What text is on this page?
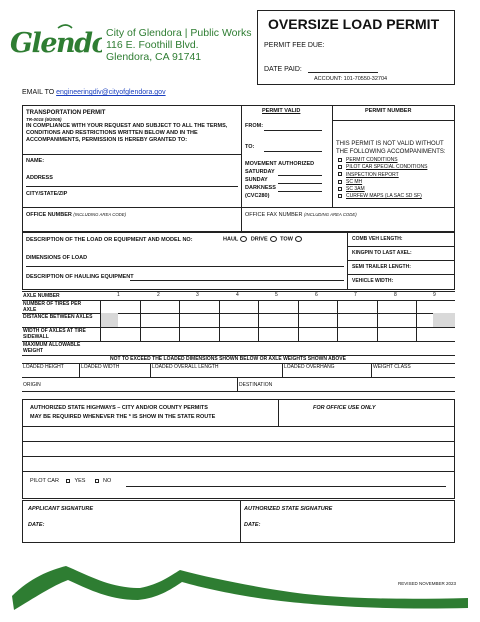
Glend	City of Glendora | Public Works
116 E. Foothill Blvd.
Glendora, CA 91741
OVERSIZE LOAD PERMIT
PERMIT FEE DUE:
DATE PAID:
ACCOUNT: 101-70550-32704
EMAIL TO engineeringdiv@cityofglendora.gov
TRANSPORTATION PERMIT
TR-0015 (9/2005)
IN COMPLIANCE WITH YOUR REQUEST AND SUBJECT TO ALL THE TERMS, CONDITIONS AND RESTRICTIONS WRITTEN BELOW AND IN THE ACCOMPANIMENTS, PERMISSION IS HEREBY GRANTED TO:
NAME:
ADDRESS
CITY/STATE/ZIP
OFFICE NUMBER (INCLUDING AREA CODE)	OFFICE FAX NUMBER (INCLUDING AREA CODE)
PERMIT VALID
FROM:
TO:
MOVEMENT AUTHORIZED
SATURDAY
SUNDAY
DARKNESS
(CVC280)
PERMIT NUMBER
THIS PERMIT IS NOT VALID WITHOUT THE FOLLOWING ACCOMPANIMENTS:
PERMIT CONDITIONS
PILOT CAR SPECIAL CONDITIONS
INSPECTION REPORT
SC MH
SC 3AM
CURFEW MAPS (LA SAC SD SF)
DESCRIPTION OF THE LOAD OR EQUIPMENT AND MODEL NO:	HAUL DRIVE TOW
DIMENSIONS OF LOAD
DESCRIPTION OF HAULING EQUIPMENT
COMB VEH LENGTH:
KINGPIN TO LAST AXEL:
SEMI TRAILER LENGTH:
VEHICLE WIDTH:
AXLE NUMBER	1	2	3	4	5	6	7	8	9
NUMBER OF TIRES PER AXLE
DISTANCE BETWEEN AXLES
WIDTH OF AXLES AT TIRE SIDEWALL
MAXIMUM ALLOWABLE WEIGHT
NOT TO EXCEED THE LOADED DIMENSIONS SHOWN BELOW OR AXLE WEIGHTS SHOWN ABOVE
LOADED HEIGHT	LOADED WIDTH	LOADED OVERALL LENGTH	LOADED OVERHANG	WEIGHT CLASS
ORIGIN	DESTINATION
AUTHORIZED STATE HIGHWAYS – CITY AND/OR COUNTY PERMITS
MAY BE REQUIRED WHENEVER THE * IS SHOW IN THE STATE ROUTE
FOR OFFICE USE ONLY
PILOT CAR	YES	NO
APPLICANT SIGNATURE
DATE:
AUTHORIZED STATE SIGNATURE
DATE:
REVISED NOVEMBER 2023
